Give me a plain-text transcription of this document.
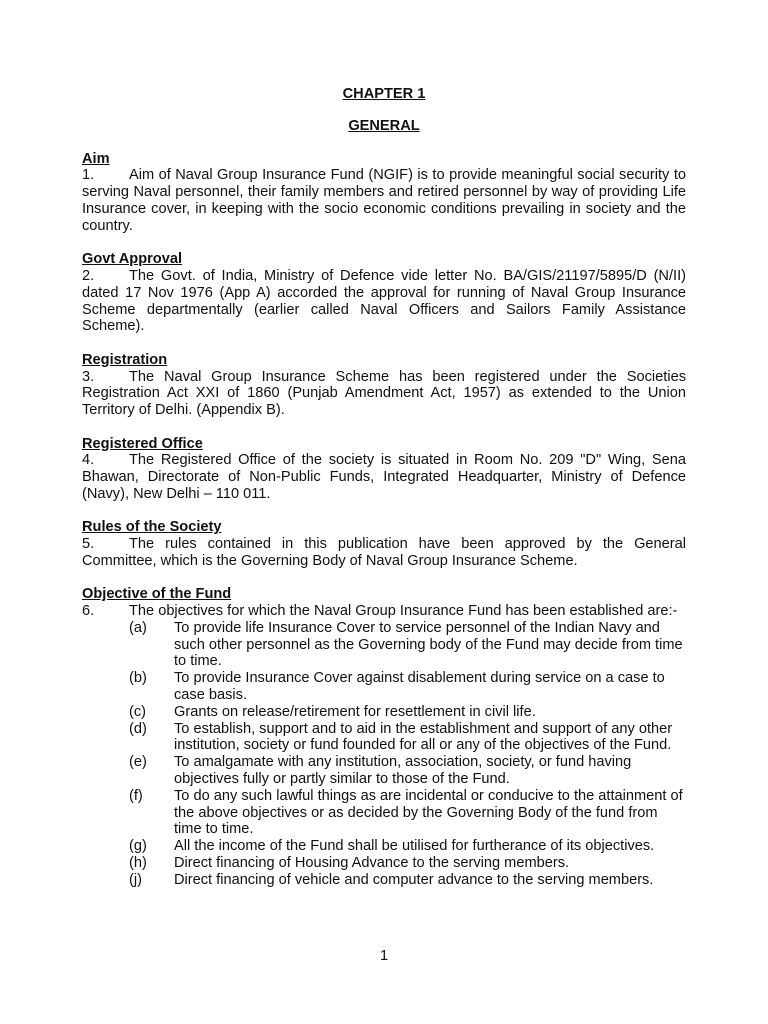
CHAPTER 1

GENERAL

Aim

1. Aim of Naval Group Insurance Fund (NGIF) is to provide meaningful social security to serving Naval personnel, their family members and retired personnel by way of providing Life Insurance cover, in keeping with the socio economic conditions prevailing in society and the country.

Govt Approval

2. The Govt. of India, Ministry of Defence vide letter No. BA/GIS/21197/5895/D (N/II) dated 17 Nov 1976 (App A) accorded the approval for running of Naval Group Insurance Scheme departmentally (earlier called Naval Officers and Sailors Family Assistance Scheme).

Registration

3. The Naval Group Insurance Scheme has been registered under the Societies Registration Act XXI of 1860 (Punjab Amendment Act, 1957) as extended to the Union Territory of Delhi. (Appendix B).

Registered Office

4. The Registered Office of the society is situated in Room No. 209 "D" Wing, Sena Bhawan, Directorate of Non-Public Funds, Integrated Headquarter, Ministry of Defence (Navy), New Delhi – 110 011.

Rules of the Society

5. The rules contained in this publication have been approved by the General Committee, which is the Governing Body of Naval Group Insurance Scheme.

Objective of the Fund

6. The objectives for which the Naval Group Insurance Fund has been established are:-

(a)	To provide life Insurance Cover to service personnel of the Indian Navy and such other personnel as the Governing body of the Fund may decide from time to time.
(b)	To provide Insurance Cover against disablement during service on a case to case basis.
(c)	Grants on release/retirement for resettlement in civil life.
(d)	To establish, support and to aid in the establishment and support of any other institution, society or fund founded for all or any of the objectives of the Fund.
(e)	To amalgamate with any institution, association, society, or fund having objectives fully or partly similar to those of the Fund.
(f)	To do any such lawful things as are incidental or conducive to the attainment of the above objectives or as decided by the Governing Body of the fund from time to time.
(g)	All the income of the Fund shall be utilised for furtherance of its objectives.
(h)	Direct financing of Housing Advance to the serving members.
(j)	Direct financing of vehicle and computer advance to the serving members.

1
